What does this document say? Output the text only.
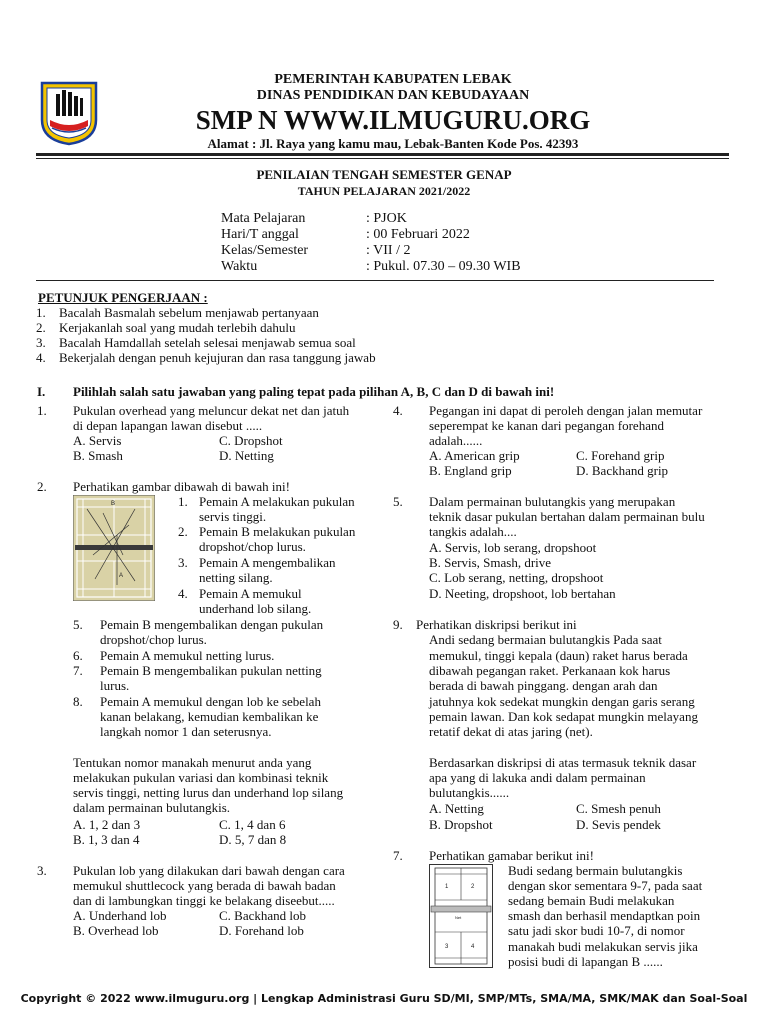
PEMERINTAH KABUPATEN LEBAK
DINAS PENDIDIKAN DAN KEBUDAYAAN
SMP N WWW.ILMUGURU.ORG
Alamat : Jl. Raya yang kamu mau, Lebak-Banten Kode Pos. 42393
PENILAIAN TENGAH SEMESTER GENAP
TAHUN PELAJARAN 2021/2022
Mata Pelajaran	: PJOK
Hari/T anggal	: 00 Februari 2022
Kelas/Semester	: VII / 2
Waktu	: Pukul. 07.30 – 09.30 WIB
PETUNJUK PENGERJAAN :
1. Bacalah Basmalah sebelum menjawab pertanyaan
2. Kerjakanlah soal yang mudah terlebih dahulu
3. Bacalah Hamdallah setelah selesai menjawab semua soal
4. Bekerjalah dengan penuh kejujuran dan rasa tanggung jawab
I. Pilihlah salah satu jawaban yang paling tepat pada pilihan A, B, C dan D di bawah ini!
1. Pukulan overhead yang meluncur dekat net dan jatuh
di depan lapangan lawan disebut .....
A. Servis	C. Dropshot
B. Smash	D. Netting
2. Perhatikan gambar dibawah di bawah ini!
B
A
1. Pemain A melakukan pukulan
servis tinggi.
2. Pemain B melakukan pukulan
dropshot/chop lurus.
3. Pemain A mengembalikan
netting silang.
4. Pemain A memukul
underhand lob silang.
5. Pemain B mengembalikan dengan pukulan
dropshot/chop lurus.
6. Pemain A memukul netting lurus.
7. Pemain B mengembalikan pukulan netting
lurus.
8. Pemain A memukul dengan lob ke sebelah
kanan belakang, kemudian kembalikan ke
langkah nomor 1 dan seterusnya.
Tentukan nomor manakah menurut anda yang
melakukan pukulan variasi dan kombinasi teknik
servis tinggi, netting lurus dan underhand lop silang
dalam permainan bulutangkis.
A. 1, 2 dan 3	C. 1, 4 dan 6
B. 1, 3 dan 4	D. 5, 7 dan 8
3. Pukulan lob yang dilakukan dari bawah dengan cara
memukul shuttlecock yang berada di bawah badan
dan di lambungkan tinggi ke belakang diseebut.....
A. Underhand lob	C. Backhand lob
B. Overhead lob	D. Forehand lob
4. Pegangan ini dapat di peroleh dengan jalan memutar
seperempat ke kanan dari pegangan forehand
adalah......
A. American grip	C. Forehand grip
B. England grip	D. Backhand grip
5. Dalam permainan bulutangkis yang merupakan
teknik dasar pukulan bertahan dalam permainan bulu
tangkis adalah....
A. Servis, lob serang, dropshoot
B. Servis, Smash, drive
C. Lob serang, netting, dropshoot
D. Neeting, dropshoot, lob bertahan
9. Perhatikan diskripsi berikut ini
Andi sedang bermaian bulutangkis Pada saat
memukul, tinggi kepala (daun) raket harus berada
dibawah pegangan raket. Perkanaan kok harus
berada di bawah pinggang. dengan arah dan
jatuhnya kok sedekat mungkin dengan garis serang
pemain lawan. Dan kok sedapat mungkin melayang
retatif dekat di atas jaring (net).
Berdasarkan diskripsi di atas termasuk teknik dasar
apa yang di lakuka andi dalam permainan
bulutangkis......
A. Netting	C. Smesh penuh
B. Dropshot	D. Sevis pendek
7. Perhatikan gamabar berikut ini!
1	2
3	4
Net
Budi sedang bermain bulutangkis
dengan skor sementara 9-7, pada saat
sedang bemain Budi melakukan
smash dan berhasil mendaptkan poin
satu jadi skor budi 10-7, di nomor
manakah budi melakukan servis jika
posisi budi di lapangan B ......
Copyright © 2022 www.ilmuguru.org | Lengkap Administrasi Guru SD/MI, SMP/MTs, SMA/MA, SMK/MAK dan Soal-Soal
